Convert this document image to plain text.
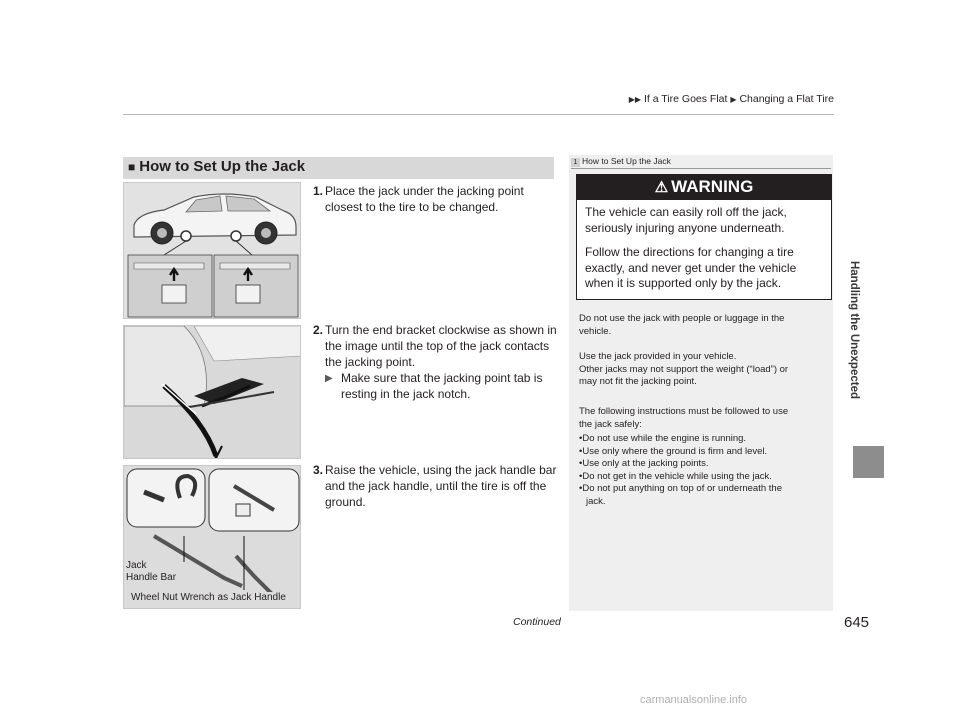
▶▶ If a Tire Goes Flat ▶ Changing a Flat Tire
Handling the Unexpected
■ How to Set Up the Jack
Jack
Handle Bar
Wheel Nut Wrench as Jack Handle
1. Place the jack under the jacking point
closest to the tire to be changed.
2. Turn the end bracket clockwise as shown in
the image until the top of the jack contacts
the jacking point.
▶ Make sure that the jacking point tab is
resting in the jack notch.
3. Raise the vehicle, using the jack handle bar
and the jack handle, until the tire is off the
ground.
1 How to Set Up the Jack
⚠ WARNING
The vehicle can easily roll off the jack,
seriously injuring anyone underneath.
Follow the directions for changing a tire
exactly, and never get under the vehicle
when it is supported only by the jack.
Do not use the jack with people or luggage in the
vehicle.
Use the jack provided in your vehicle.
Other jacks may not support the weight (“load”) or
may not fit the jacking point.
The following instructions must be followed to use
the jack safely:
•Do not use while the engine is running.
•Use only where the ground is firm and level.
•Use only at the jacking points.
•Do not get in the vehicle while using the jack.
•Do not put anything on top of or underneath the
jack.
Continued	645
carmanualsonline.info
